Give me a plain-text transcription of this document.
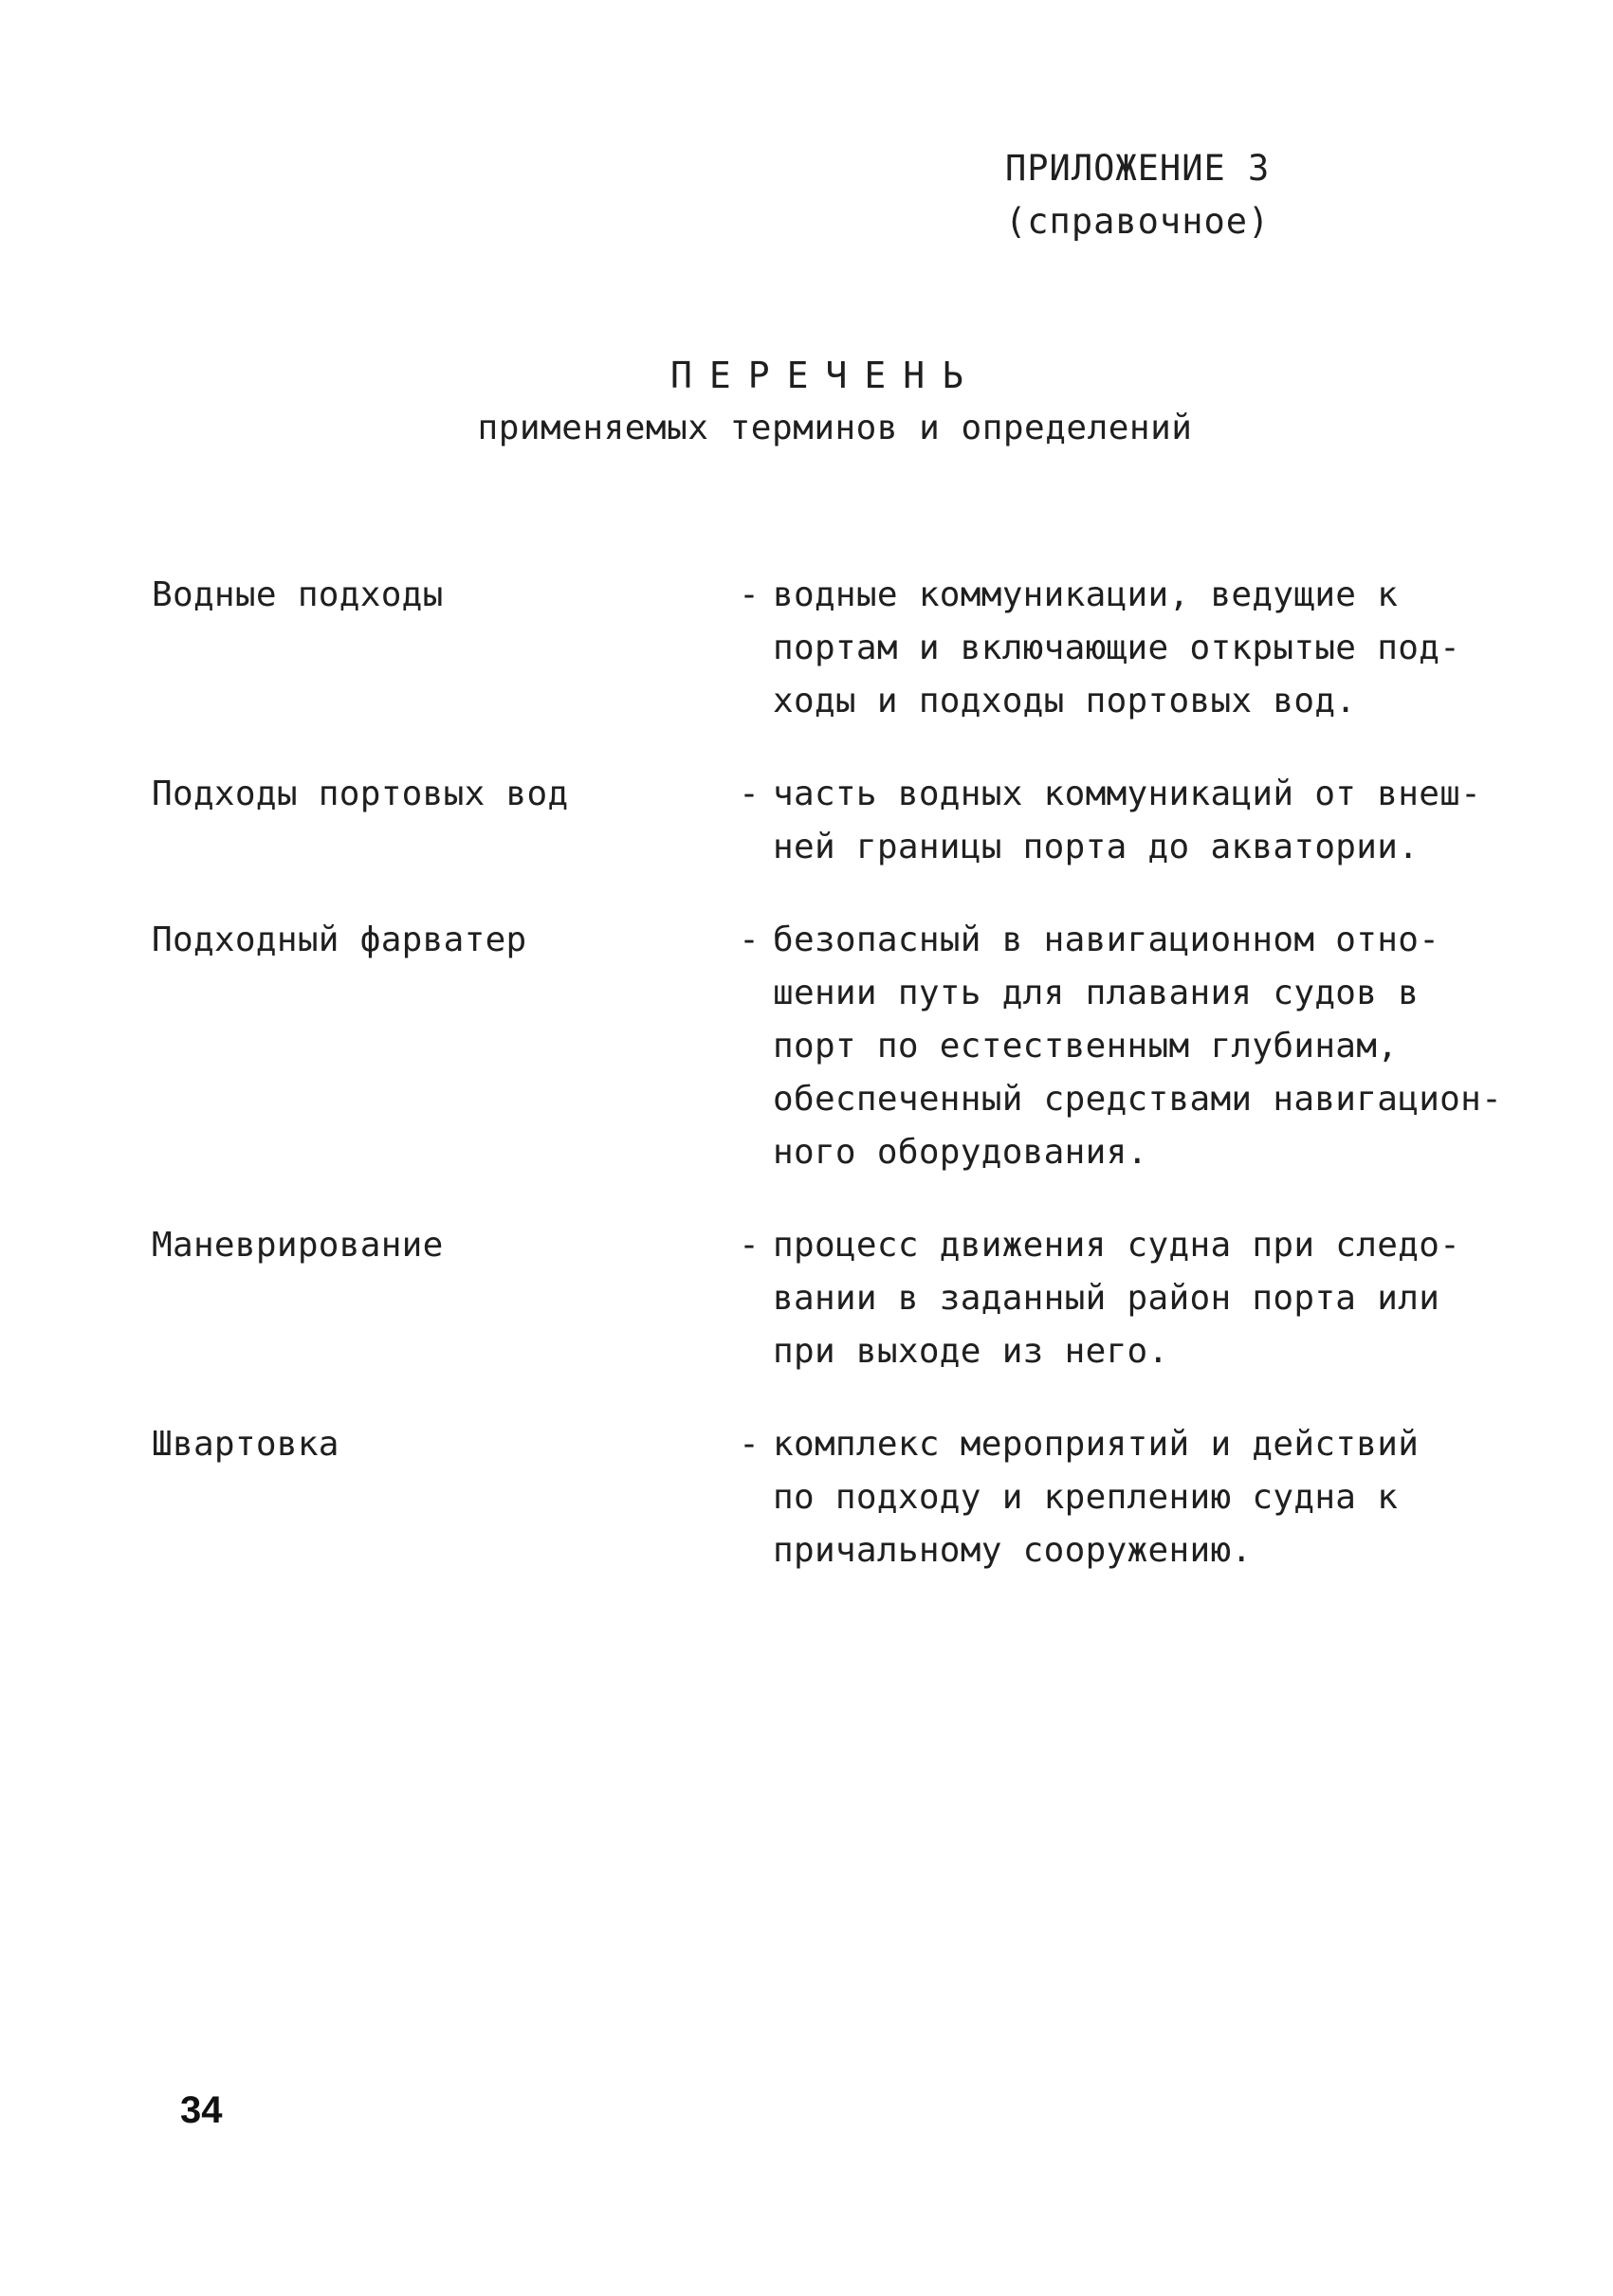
ПРИЛОЖЕНИЕ 3
(справочное)
ПЕРЕЧЕНЬ
применяемых терминов и определений
Водные подходы	- водные коммуникации, ведущие к
портам и включающие открытые под-
ходы и подходы портовых вод.
Подходы портовых вод	- часть водных коммуникаций от внеш-
ней границы порта до акватории.
Подходный фарватер	- безопасный в навигационном отно-
шении путь для плавания судов в
порт по естественным глубинам,
обеспеченный средствами навигацион-
ного оборудования.
Маневрирование	- процесс движения судна при следо-
вании в заданный район порта или
при выходе из него.
Швартовка	- комплекс мероприятий и действий
по подходу и креплению судна к
причальному сооружению.
34
